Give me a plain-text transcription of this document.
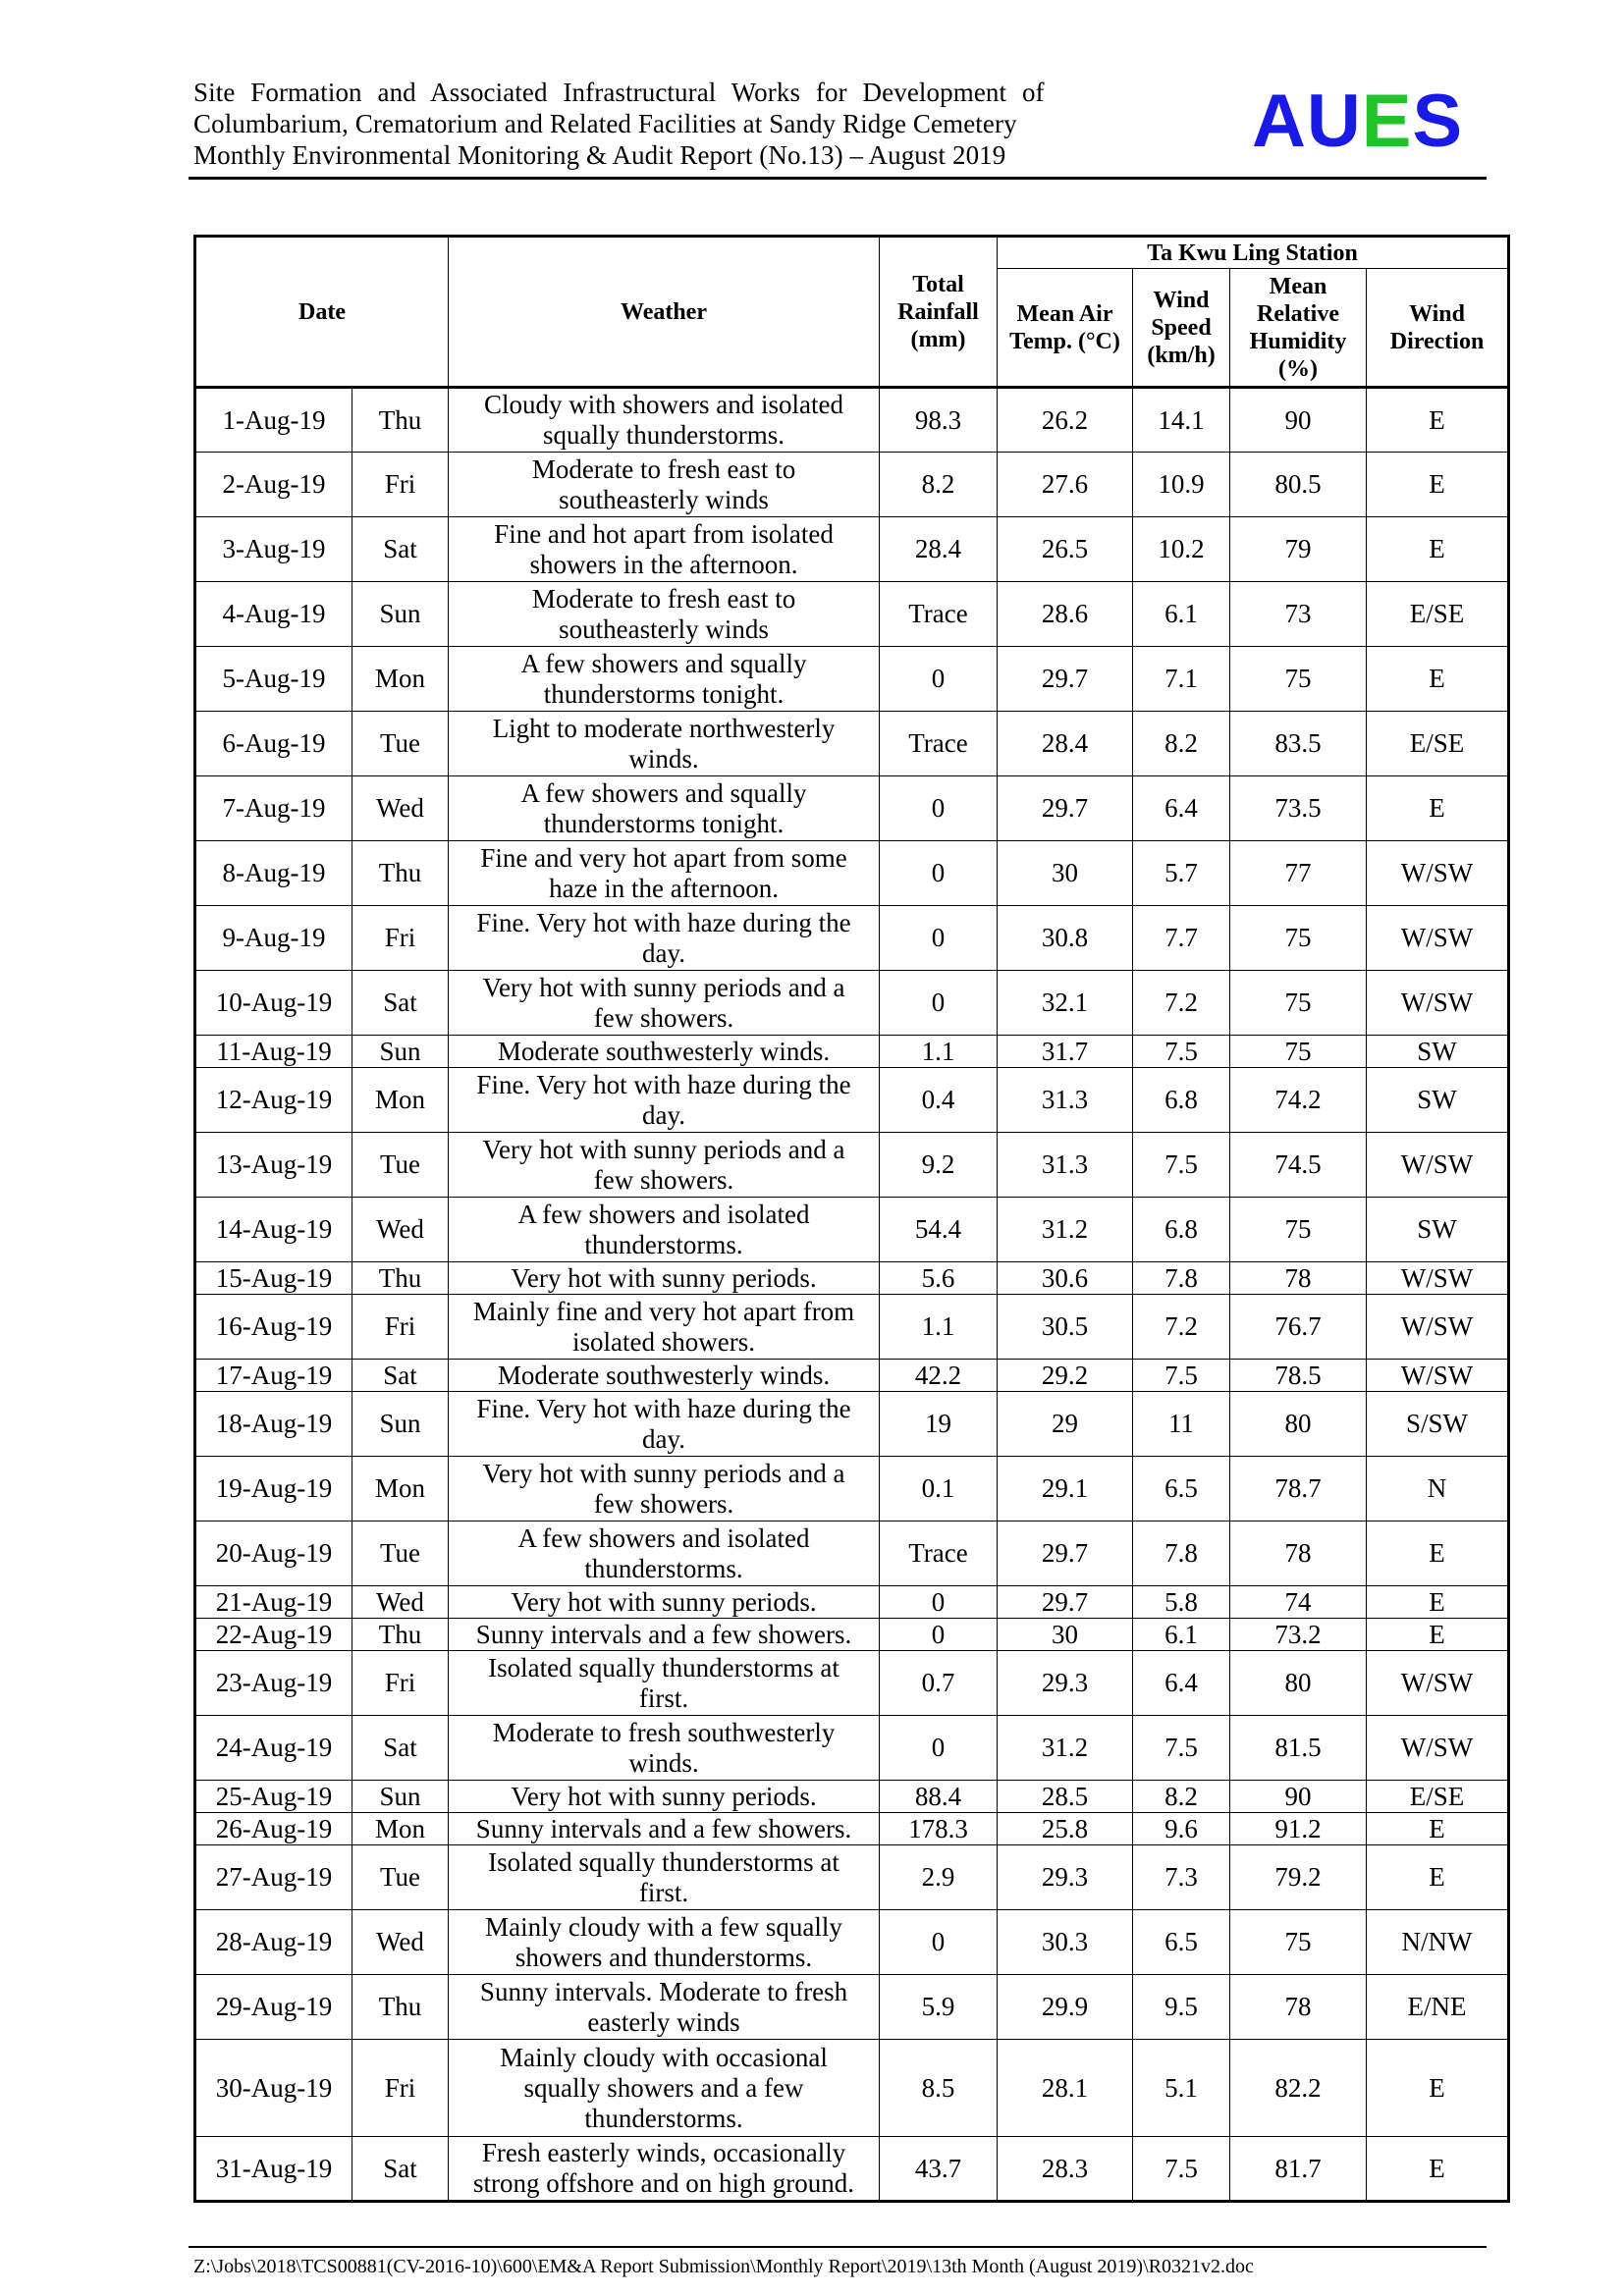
Site Formation and Associated Infrastructural Works for Development of
Columbarium, Crematorium and Related Facilities at Sandy Ridge Cemetery
Monthly Environmental Monitoring & Audit Report (No.13) – August 2019	AUES
Date		Weather	Total Rainfall (mm)	Ta Kwu Ling Station			
				Mean Air Temp. (°C)	Wind Speed (km/h)	Mean Relative Humidity (%)	Wind Direction
1-Aug-19	Thu	Cloudy with showers and isolated
squally thunderstorms.	98.3	26.2	14.1	90	E
2-Aug-19	Fri	Moderate to fresh east to
southeasterly winds	8.2	27.6	10.9	80.5	E
3-Aug-19	Sat	Fine and hot apart from isolated
showers in the afternoon.	28.4	26.5	10.2	79	E
4-Aug-19	Sun	Moderate to fresh east to
southeasterly winds	Trace	28.6	6.1	73	E/SE
5-Aug-19	Mon	A few showers and squally
thunderstorms tonight.	0	29.7	7.1	75	E
6-Aug-19	Tue	Light to moderate northwesterly
winds.	Trace	28.4	8.2	83.5	E/SE
7-Aug-19	Wed	A few showers and squally
thunderstorms tonight.	0	29.7	6.4	73.5	E
8-Aug-19	Thu	Fine and very hot apart from some
haze in the afternoon.	0	30	5.7	77	W/SW
9-Aug-19	Fri	Fine. Very hot with haze during the
day.	0	30.8	7.7	75	W/SW
10-Aug-19	Sat	Very hot with sunny periods and a
few showers.	0	32.1	7.2	75	W/SW
11-Aug-19	Sun	Moderate southwesterly winds.	1.1	31.7	7.5	75	SW
12-Aug-19	Mon	Fine. Very hot with haze during the
day.	0.4	31.3	6.8	74.2	SW
13-Aug-19	Tue	Very hot with sunny periods and a
few showers.	9.2	31.3	7.5	74.5	W/SW
14-Aug-19	Wed	A few showers and isolated
thunderstorms.	54.4	31.2	6.8	75	SW
15-Aug-19	Thu	Very hot with sunny periods.	5.6	30.6	7.8	78	W/SW
16-Aug-19	Fri	Mainly fine and very hot apart from
isolated showers.	1.1	30.5	7.2	76.7	W/SW
17-Aug-19	Sat	Moderate southwesterly winds.	42.2	29.2	7.5	78.5	W/SW
18-Aug-19	Sun	Fine. Very hot with haze during the
day.	19	29	11	80	S/SW
19-Aug-19	Mon	Very hot with sunny periods and a
few showers.	0.1	29.1	6.5	78.7	N
20-Aug-19	Tue	A few showers and isolated
thunderstorms.	Trace	29.7	7.8	78	E
21-Aug-19	Wed	Very hot with sunny periods.	0	29.7	5.8	74	E
22-Aug-19	Thu	Sunny intervals and a few showers.	0	30	6.1	73.2	E
23-Aug-19	Fri	Isolated squally thunderstorms at
first.	0.7	29.3	6.4	80	W/SW
24-Aug-19	Sat	Moderate to fresh southwesterly
winds.	0	31.2	7.5	81.5	W/SW
25-Aug-19	Sun	Very hot with sunny periods.	88.4	28.5	8.2	90	E/SE
26-Aug-19	Mon	Sunny intervals and a few showers.	178.3	25.8	9.6	91.2	E
27-Aug-19	Tue	Isolated squally thunderstorms at
first.	2.9	29.3	7.3	79.2	E
28-Aug-19	Wed	Mainly cloudy with a few squally
showers and thunderstorms.	0	30.3	6.5	75	N/NW
29-Aug-19	Thu	Sunny intervals. Moderate to fresh
easterly winds	5.9	29.9	9.5	78	E/NE
30-Aug-19	Fri	Mainly cloudy with occasional
squally showers and a few
thunderstorms.	8.5	28.1	5.1	82.2	E
31-Aug-19	Sat	Fresh easterly winds, occasionally
strong offshore and on high ground.	43.7	28.3	7.5	81.7	E
Z:\Jobs\2018\TCS00881(CV-2016-10)\600\EM&A Report Submission\Monthly Report\2019\13th Month (August 2019)\R0321v2.doc
